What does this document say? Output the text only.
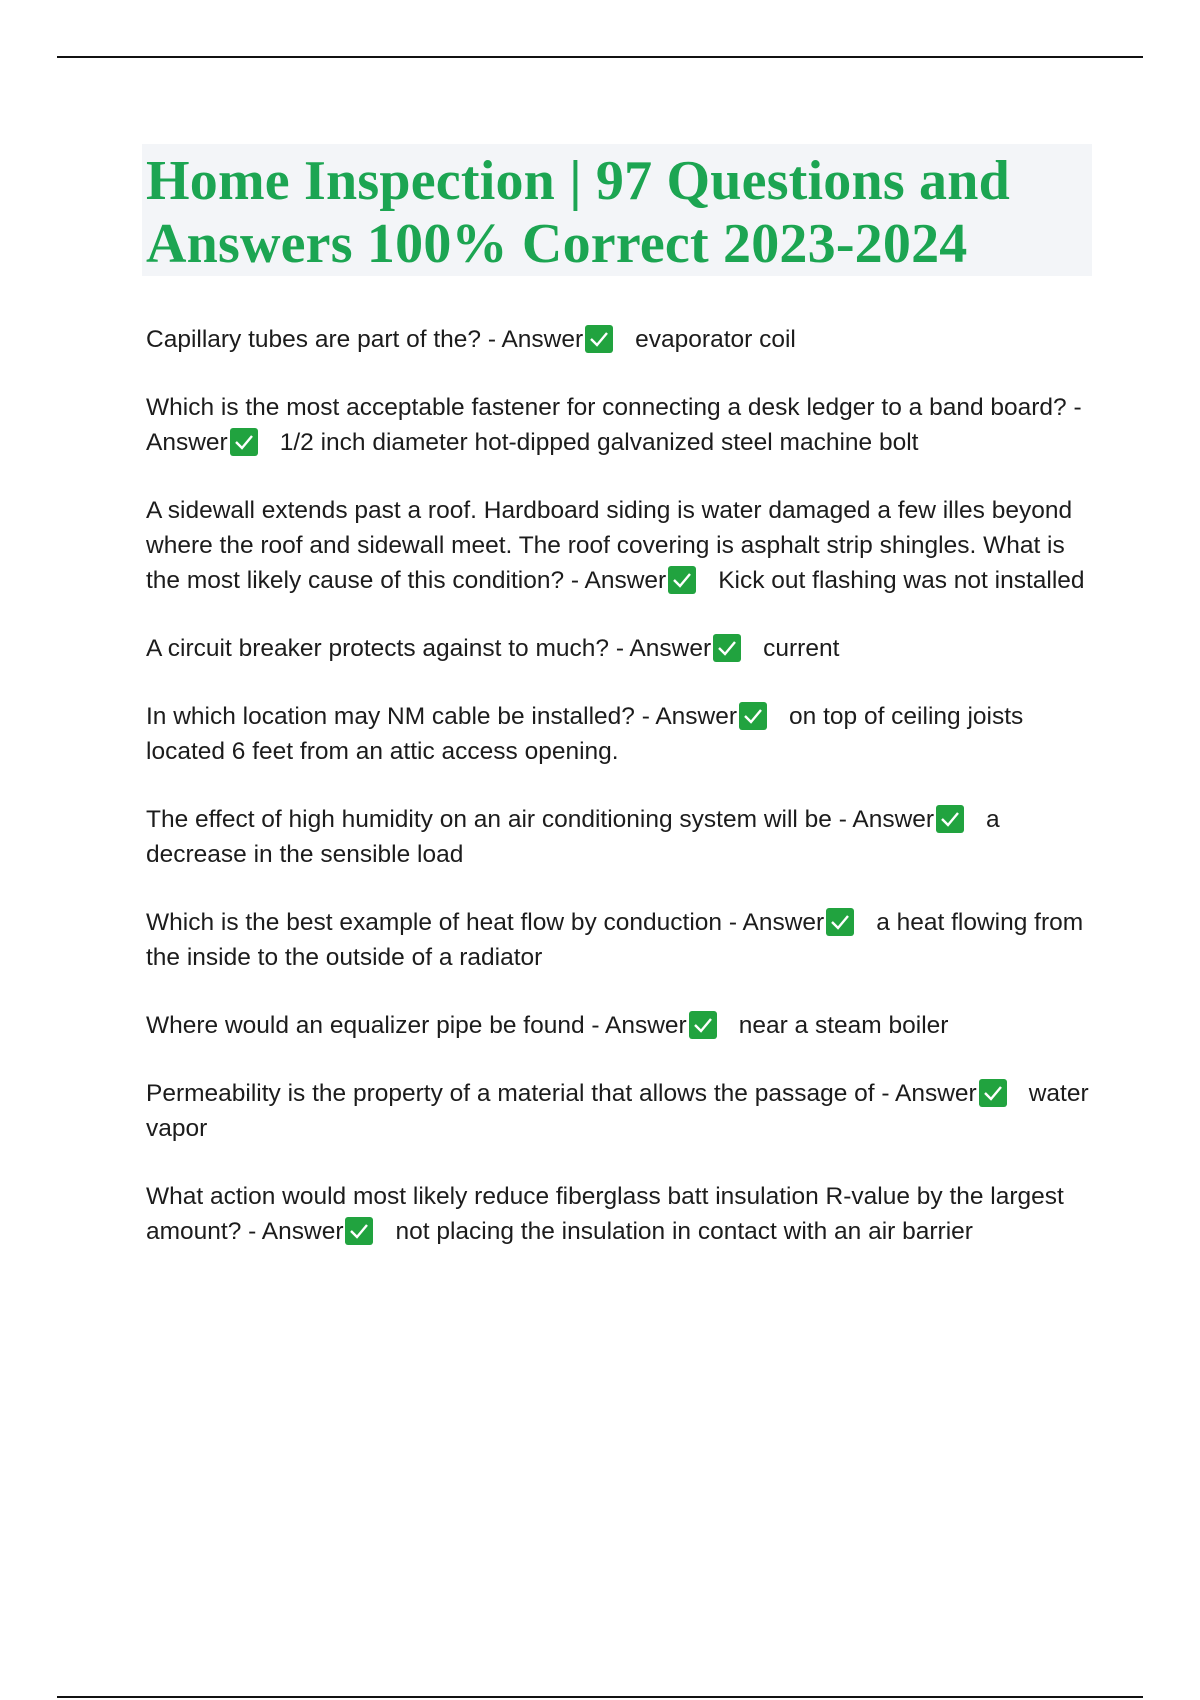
Home Inspection | 97 Questions and Answers 100% Correct 2023-2024

Capillary tubes are part of the? - Answer evaporator coil

Which is the most acceptable fastener for connecting a desk ledger to a band board? - Answer 1/2 inch diameter hot-dipped galvanized steel machine bolt

A sidewall extends past a roof. Hardboard siding is water damaged a few illes beyond where the roof and sidewall meet. The roof covering is asphalt strip shingles. What is the most likely cause of this condition? - Answer Kick out flashing was not installed

A circuit breaker protects against to much? - Answer current

In which location may NM cable be installed? - Answer on top of ceiling joists located 6 feet from an attic access opening.

The effect of high humidity on an air conditioning system will be - Answer a decrease in the sensible load

Which is the best example of heat flow by conduction - Answer a heat flowing from the inside to the outside of a radiator

Where would an equalizer pipe be found - Answer near a steam boiler

Permeability is the property of a material that allows the passage of - Answer water vapor

What action would most likely reduce fiberglass batt insulation R-value by the largest amount? - Answer not placing the insulation in contact with an air barrier
